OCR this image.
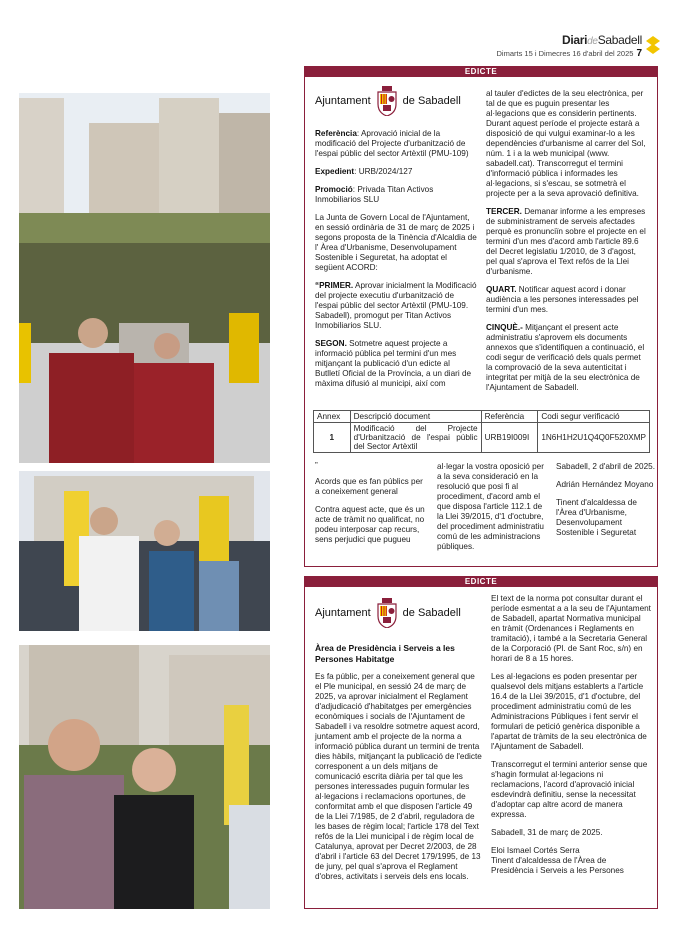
DiarideSabadell
Dimarts 15 i Dimecres 16 d'abril del 2025 7
EDICTE
Ajuntament	de Sabadell

Referència: Aprovació inicial de la modificació del Projecte d'urbanització de l'espai públic del sector Artèxtil (PMU-109)

Expedient: URB/2024/127

Promoció: Privada Titan Activos Inmobiliarios SLU

La Junta de Govern Local de l'Ajuntament, en sessió ordinària de 31 de març de 2025 i segons proposta de la Tinència d'Alcaldia de l' Àrea d'Urbanisme, Desenvolupament Sostenible i Seguretat, ha adoptat el següent ACORD:

“PRIMER. Aprovar inicialment la Modificació del projecte executiu d'urbanització de l'espai públic del sector Artèxtil (PMU-109. Sabadell), promogut per Titan Activos Inmobiliarios SLU.

SEGON. Sotmetre aquest projecte a informació pública pel termini d'un mes mitjançant la publicació d'un edicte al Butlletí Oficial de la Província, a un diari de màxima difusió al municipi, així com

al tauler d'edictes de la seu electrònica, per tal de que es puguin presentar les al·legacions que es considerin pertinents. Durant aquest període el projecte estarà a disposició de qui vulgui examinar-lo a les dependències d'urbanisme al carrer del Sol, núm. 1 i a la web municipal (www. sabadell.cat). Transcorregut el termini d'informació pública i informades les al·legacions, si s'escau, se sotmetrà el projecte per a la seva aprovació definitiva.

TERCER. Demanar informe a les empreses de subministrament de serveis afectades perquè es pronunciïn sobre el projecte en el termini d'un mes d'acord amb l'article 89.6 del Decret legislatiu 1/2010, de 3 d'agost, pel qual s'aprova el Text refós de la Llei d'urbanisme.

QUART. Notificar aquest acord i donar audiència a les persones interessades pel termini d'un mes.

CINQUÈ.- Mitjançant el present acte administratiu s'aprovem els documents annexos que s'identifiquen a continuació, el codi segur de verificació dels quals permet la comprovació de la seva autenticitat i integritat per mitjà de la seu electrònica de l'Ajuntament de Sabadell.

Annex	Descripció document	Referència	Codi segur verificació
1	Modificació del Projecte d'Urbanització de l'espai públic del Sector Artèxtil	URB19I009I	1N6H1H2U1Q4Q0F520XMP

”

Acords que es fan públics per a coneixement general

Contra aquest acte, que és un acte de tràmit no qualificat, no podeu interposar cap recurs, sens perjudici que pugueu

al·legar la vostra oposició per a la seva consideració en la resolució que posi fi al procediment, d'acord amb el que disposa l'article 112.1 de la Llei 39/2015, d'1 d'octubre, del procediment administratiu comú de les administracions públiques.

Sabadell, 2 d'abril de 2025.

Adrián Hernández Moyano

Tinent d'alcaldessa de l'Àrea d'Urbanisme, Desenvolupament Sostenible i Seguretat

EDICTE
Ajuntament	de Sabadell
Àrea de Presidència i Serveis a les Persones Habitatge

Es fa públic, per a coneixement general que el Ple municipal, en sessió 24 de març de 2025, va aprovar inicialment el Reglament d'adjudicació d'habitatges per emergències econòmiques i socials de l'Ajuntament de Sabadell i va resoldre sotmetre aquest acord, juntament amb el projecte de la norma a informació pública durant un termini de trenta dies hàbils, mitjançant la publicació de l'edicte corresponent a un dels mitjans de comunicació escrita diària per tal que les persones interessades puguin formular les al·legacions i reclamacions oportunes, de conformitat amb el que disposen l'article 49 de la Llei 7/1985, de 2 d'abril, reguladora de les bases de règim local; l'article 178 del Text refós de la Llei municipal i de règim local de Catalunya, aprovat per Decret 2/2003, de 28 d'abril i l'article 63 del Decret 179/1995, de 13 de juny, pel qual s'aprova el Reglament d'obres, activitats i serveis dels ens locals.

El text de la norma pot consultar durant el període esmentat a a la seu de l'Ajuntament de Sabadell, apartat Normativa municipal en tràmit (Ordenances i Reglaments en tramitació), i també a la Secretaria General de la Corporació (Pl. de Sant Roc, s/n) en horari de 8 a 15 hores.

Les al·legacions es poden presentar per qualsevol dels mitjans establerts a l'article 16.4 de la Llei 39/2015, d'1 d'octubre, del procediment administratiu comú de les Administracions Públiques i fent servir el formulari de petició genèrica disponible a l'apartat de tràmits de la seu electrònica de l'Ajuntament de Sabadell.

Transcorregut el termini anterior sense que s'hagin formulat al·legacions ni reclamacions, l'acord d'aprovació inicial esdevindrà definitiu, sense la necessitat d'adoptar cap altre acord de manera expressa.

Sabadell, 31 de març de 2025.

Eloi Ismael Cortés Serra

Tinent d'alcaldessa de l'Àrea de Presidència i Serveis a les Persones
